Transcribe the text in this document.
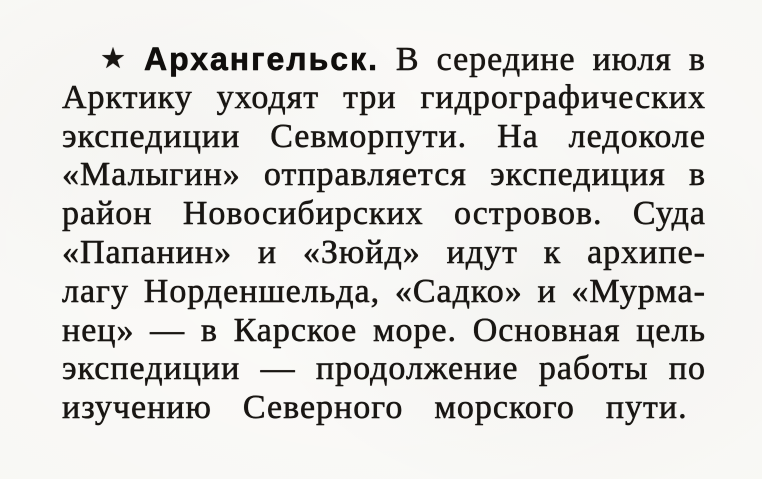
★ Архангельск. В середине июля в
Арктику уходят три гидрографических
экспедиции Севморпути. На ледоколе
«Малыгин» отправляется экспедиция в
район Новосибирских островов. Суда
«Папанин» и «Зюйд» идут к архипе-
лагу Норденшельда, «Садко» и «Мурма-
нец» — в Карское море. Основная цель
экспедиции — продолжение работы по
изучению Северного морского пути.
